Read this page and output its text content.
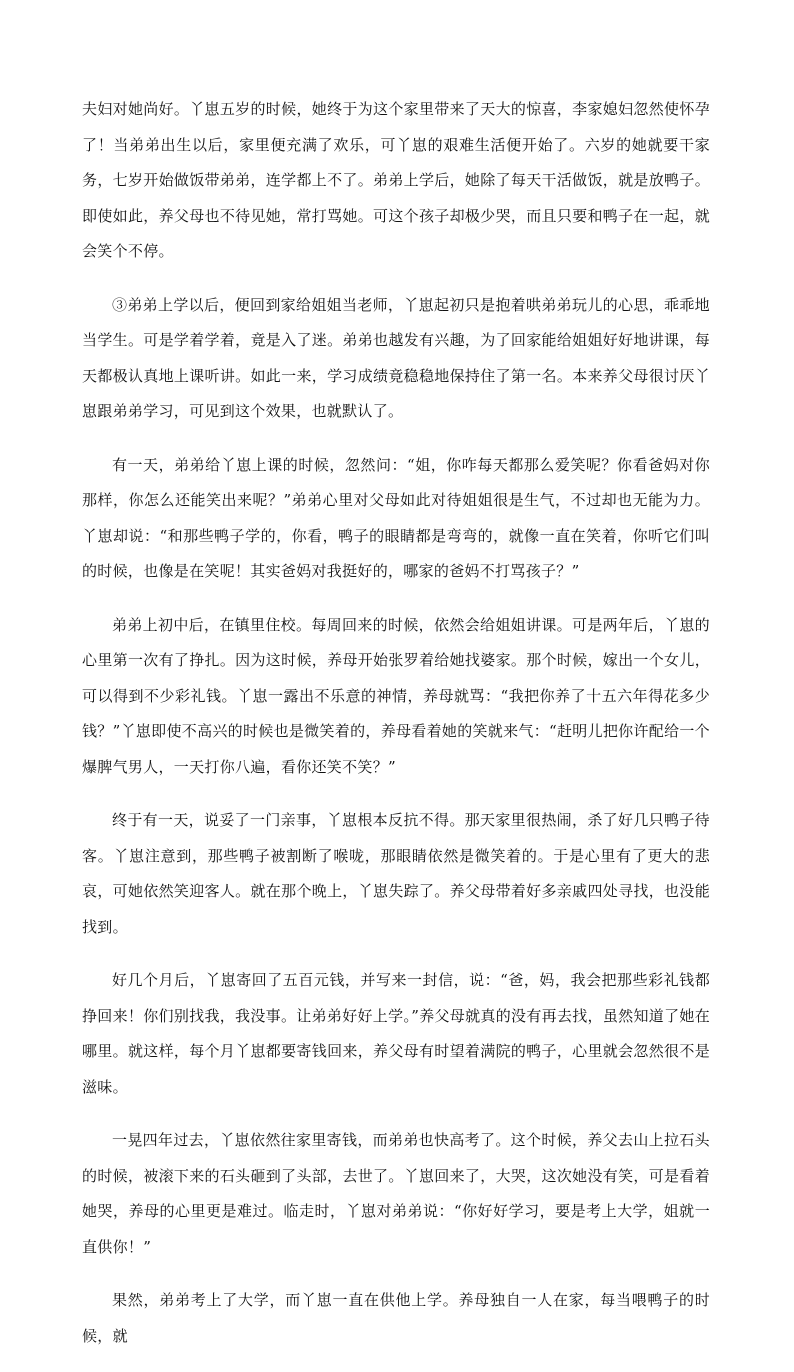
夫妇对她尚好。丫崽五岁的时候，她终于为这个家里带来了天大的惊喜，李家媳妇忽然使怀孕了！当弟弟出生以后，家里便充满了欢乐，可丫崽的艰难生活便开始了。六岁的她就要干家务，七岁开始做饭带弟弟，连学都上不了。弟弟上学后，她除了每天干活做饭，就是放鸭子。即使如此，养父母也不待见她，常打骂她。可这个孩子却极少哭，而且只要和鸭子在一起，就会笑个不停。

③弟弟上学以后，便回到家给姐姐当老师，丫崽起初只是抱着哄弟弟玩儿的心思，乖乖地当学生。可是学着学着，竟是入了迷。弟弟也越发有兴趣，为了回家能给姐姐好好地讲课，每天都极认真地上课听讲。如此一来，学习成绩竟稳稳地保持住了第一名。本来养父母很讨厌丫崽跟弟弟学习，可见到这个效果，也就默认了。

有一天，弟弟给丫崽上课的时候，忽然问：“姐，你咋每天都那么爱笑呢？你看爸妈对你那样，你怎么还能笑出来呢？”弟弟心里对父母如此对待姐姐很是生气，不过却也无能为力。丫崽却说：“和那些鸭子学的，你看，鸭子的眼睛都是弯弯的，就像一直在笑着，你听它们叫的时候，也像是在笑呢！其实爸妈对我挺好的，哪家的爸妈不打骂孩子？”

弟弟上初中后，在镇里住校。每周回来的时候，依然会给姐姐讲课。可是两年后，丫崽的心里第一次有了挣扎。因为这时候，养母开始张罗着给她找婆家。那个时候，嫁出一个女儿，可以得到不少彩礼钱。丫崽一露出不乐意的神情，养母就骂：“我把你养了十五六年得花多少钱？”丫崽即使不高兴的时候也是微笑着的，养母看着她的笑就来气：“赶明儿把你许配给一个爆脾气男人，一天打你八遍，看你还笑不笑？”

终于有一天，说妥了一门亲事，丫崽根本反抗不得。那天家里很热闹，杀了好几只鸭子待客。丫崽注意到，那些鸭子被割断了喉咙，那眼睛依然是微笑着的。于是心里有了更大的悲哀，可她依然笑迎客人。就在那个晚上，丫崽失踪了。养父母带着好多亲戚四处寻找，也没能找到。

好几个月后，丫崽寄回了五百元钱，并写来一封信，说：“爸，妈，我会把那些彩礼钱都挣回来！你们别找我，我没事。让弟弟好好上学。”养父母就真的没有再去找，虽然知道了她在哪里。就这样，每个月丫崽都要寄钱回来，养父母有时望着满院的鸭子，心里就会忽然很不是滋味。

一晃四年过去，丫崽依然往家里寄钱，而弟弟也快高考了。这个时候，养父去山上拉石头的时候，被滚下来的石头砸到了头部，去世了。丫崽回来了，大哭，这次她没有笑，可是看着她哭，养母的心里更是难过。临走时，丫崽对弟弟说：“你好好学习，要是考上大学，姐就一直供你！”

果然，弟弟考上了大学，而丫崽一直在供他上学。养母独自一人在家，每当喂鸭子的时候，就
